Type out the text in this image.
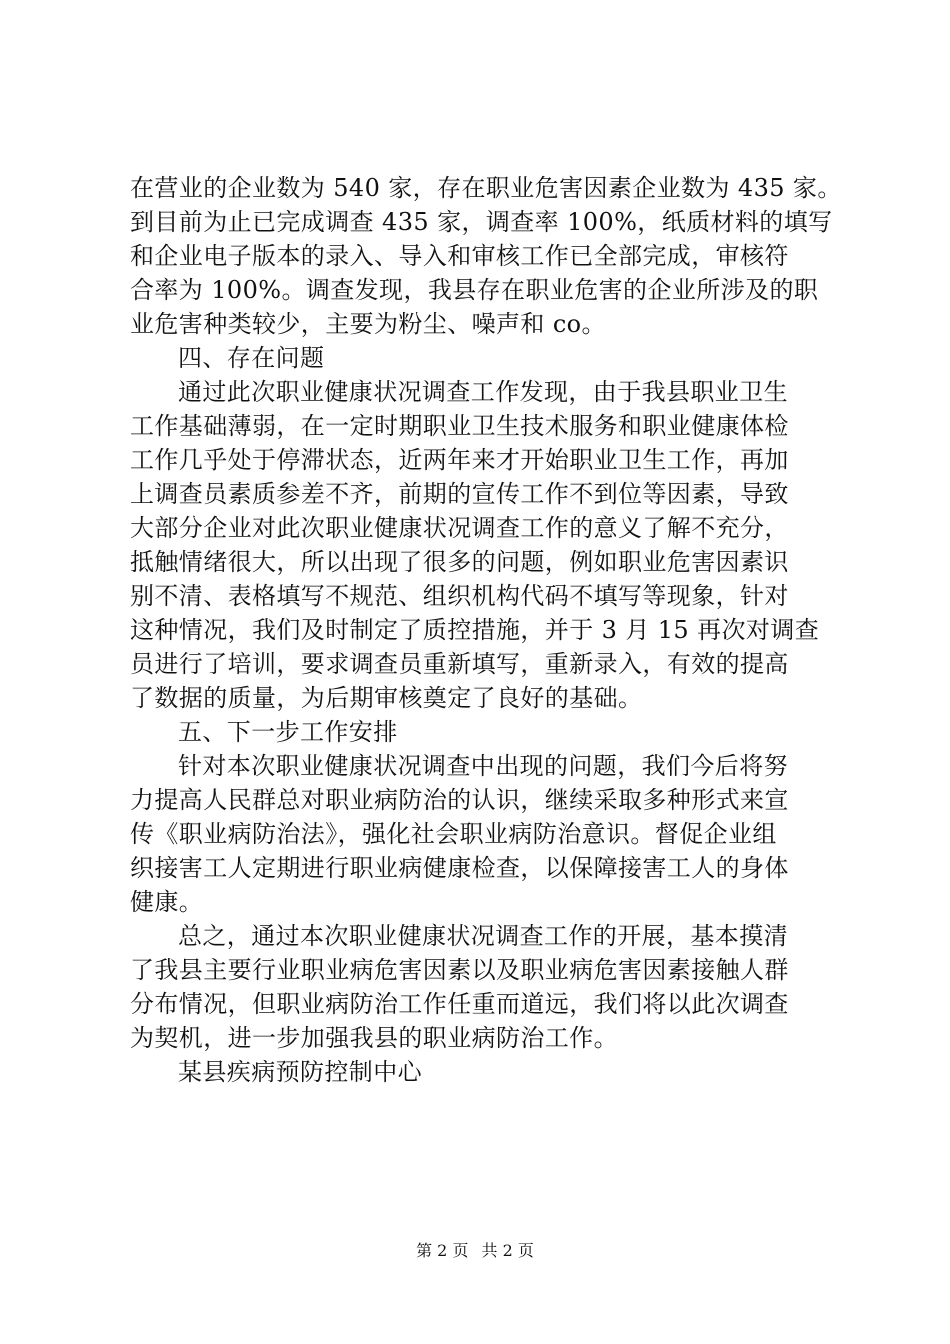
在营业的企业数为 540 家，存在职业危害因素企业数为 435 家。
到目前为止已完成调查 435 家，调查率 100%，纸质材料的填写
和企业电子版本的录入、导入和审核工作已全部完成，审核符
合率为 100%。调查发现，我县存在职业危害的企业所涉及的职
业危害种类较少，主要为粉尘、噪声和 co。
四、存在问题
通过此次职业健康状况调查工作发现，由于我县职业卫生
工作基础薄弱，在一定时期职业卫生技术服务和职业健康体检
工作几乎处于停滞状态，近两年来才开始职业卫生工作，再加
上调查员素质参差不齐，前期的宣传工作不到位等因素，导致
大部分企业对此次职业健康状况调查工作的意义了解不充分，
抵触情绪很大，所以出现了很多的问题，例如职业危害因素识
别不清、表格填写不规范、组织机构代码不填写等现象，针对
这种情况，我们及时制定了质控措施，并于 3 月 15 再次对调查
员进行了培训，要求调查员重新填写，重新录入，有效的提高
了数据的质量，为后期审核奠定了良好的基础。
五、下一步工作安排
针对本次职业健康状况调查中出现的问题，我们今后将努
力提高人民群总对职业病防治的认识，继续采取多种形式来宣
传《职业病防治法》，强化社会职业病防治意识。督促企业组
织接害工人定期进行职业病健康检查，以保障接害工人的身体
健康。
总之，通过本次职业健康状况调查工作的开展，基本摸清
了我县主要行业职业病危害因素以及职业病危害因素接触人群
分布情况，但职业病防治工作任重而道远，我们将以此次调查
为契机，进一步加强我县的职业病防治工作。
某县疾病预防控制中心
第 2 页 共 2 页
